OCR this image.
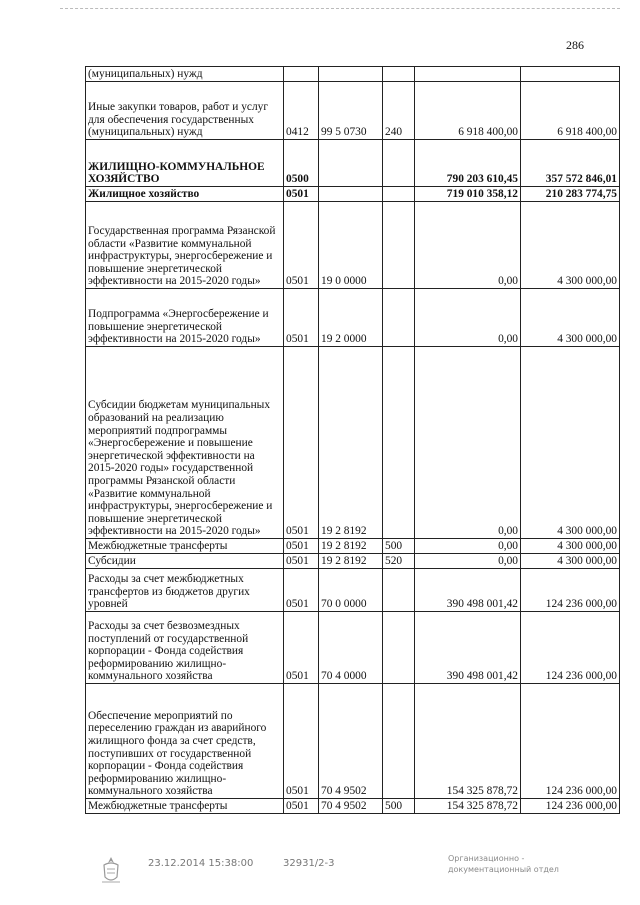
286
(муниципальных) нужд					
Иные закупки товаров, работ и услуг для обеспечения государственных (муниципальных) нужд	0412	99 5 0730	240	6 918 400,00	6 918 400,00
ЖИЛИЩНО-КОММУНАЛЬНОЕ ХОЗЯЙСТВО	0500			790 203 610,45	357 572 846,01
Жилищное хозяйство	0501			719 010 358,12	210 283 774,75
Государственная программа Рязанской области «Развитие коммунальной инфраструктуры, энергосбережение и повышение энергетической эффективности на 2015-2020 годы»	0501	19 0 0000		0,00	4 300 000,00
Подпрограмма «Энергосбережение и повышение энергетической эффективности на 2015-2020 годы»	0501	19 2 0000		0,00	4 300 000,00
Субсидии бюджетам муниципальных образований на реализацию мероприятий подпрограммы «Энергосбережение и повышение энергетической эффективности на 2015-2020 годы» государственной программы Рязанской области «Развитие коммунальной инфраструктуры, энергосбережение и повышение энергетической эффективности на 2015-2020 годы»	0501	19 2 8192		0,00	4 300 000,00
Межбюджетные трансферты	0501	19 2 8192	500	0,00	4 300 000,00
Субсидии	0501	19 2 8192	520	0,00	4 300 000,00
Расходы за счет межбюджетных трансфертов из бюджетов других уровней	0501	70 0 0000		390 498 001,42	124 236 000,00
Расходы за счет безвозмездных поступлений от государственной корпорации - Фонда содействия реформированию жилищно-коммунального хозяйства	0501	70 4 0000		390 498 001,42	124 236 000,00
Обеспечение мероприятий по переселению граждан из аварийного жилищного фонда за счет средств, поступивших от государственной корпорации - Фонда содействия реформированию жилищно-коммунального хозяйства	0501	70 4 9502		154 325 878,72	124 236 000,00
Межбюджетные трансферты	0501	70 4 9502	500	154 325 878,72	124 236 000,00
23.12.2014 15:38:00	32931/2-3	Организационно -
документационный отдел
